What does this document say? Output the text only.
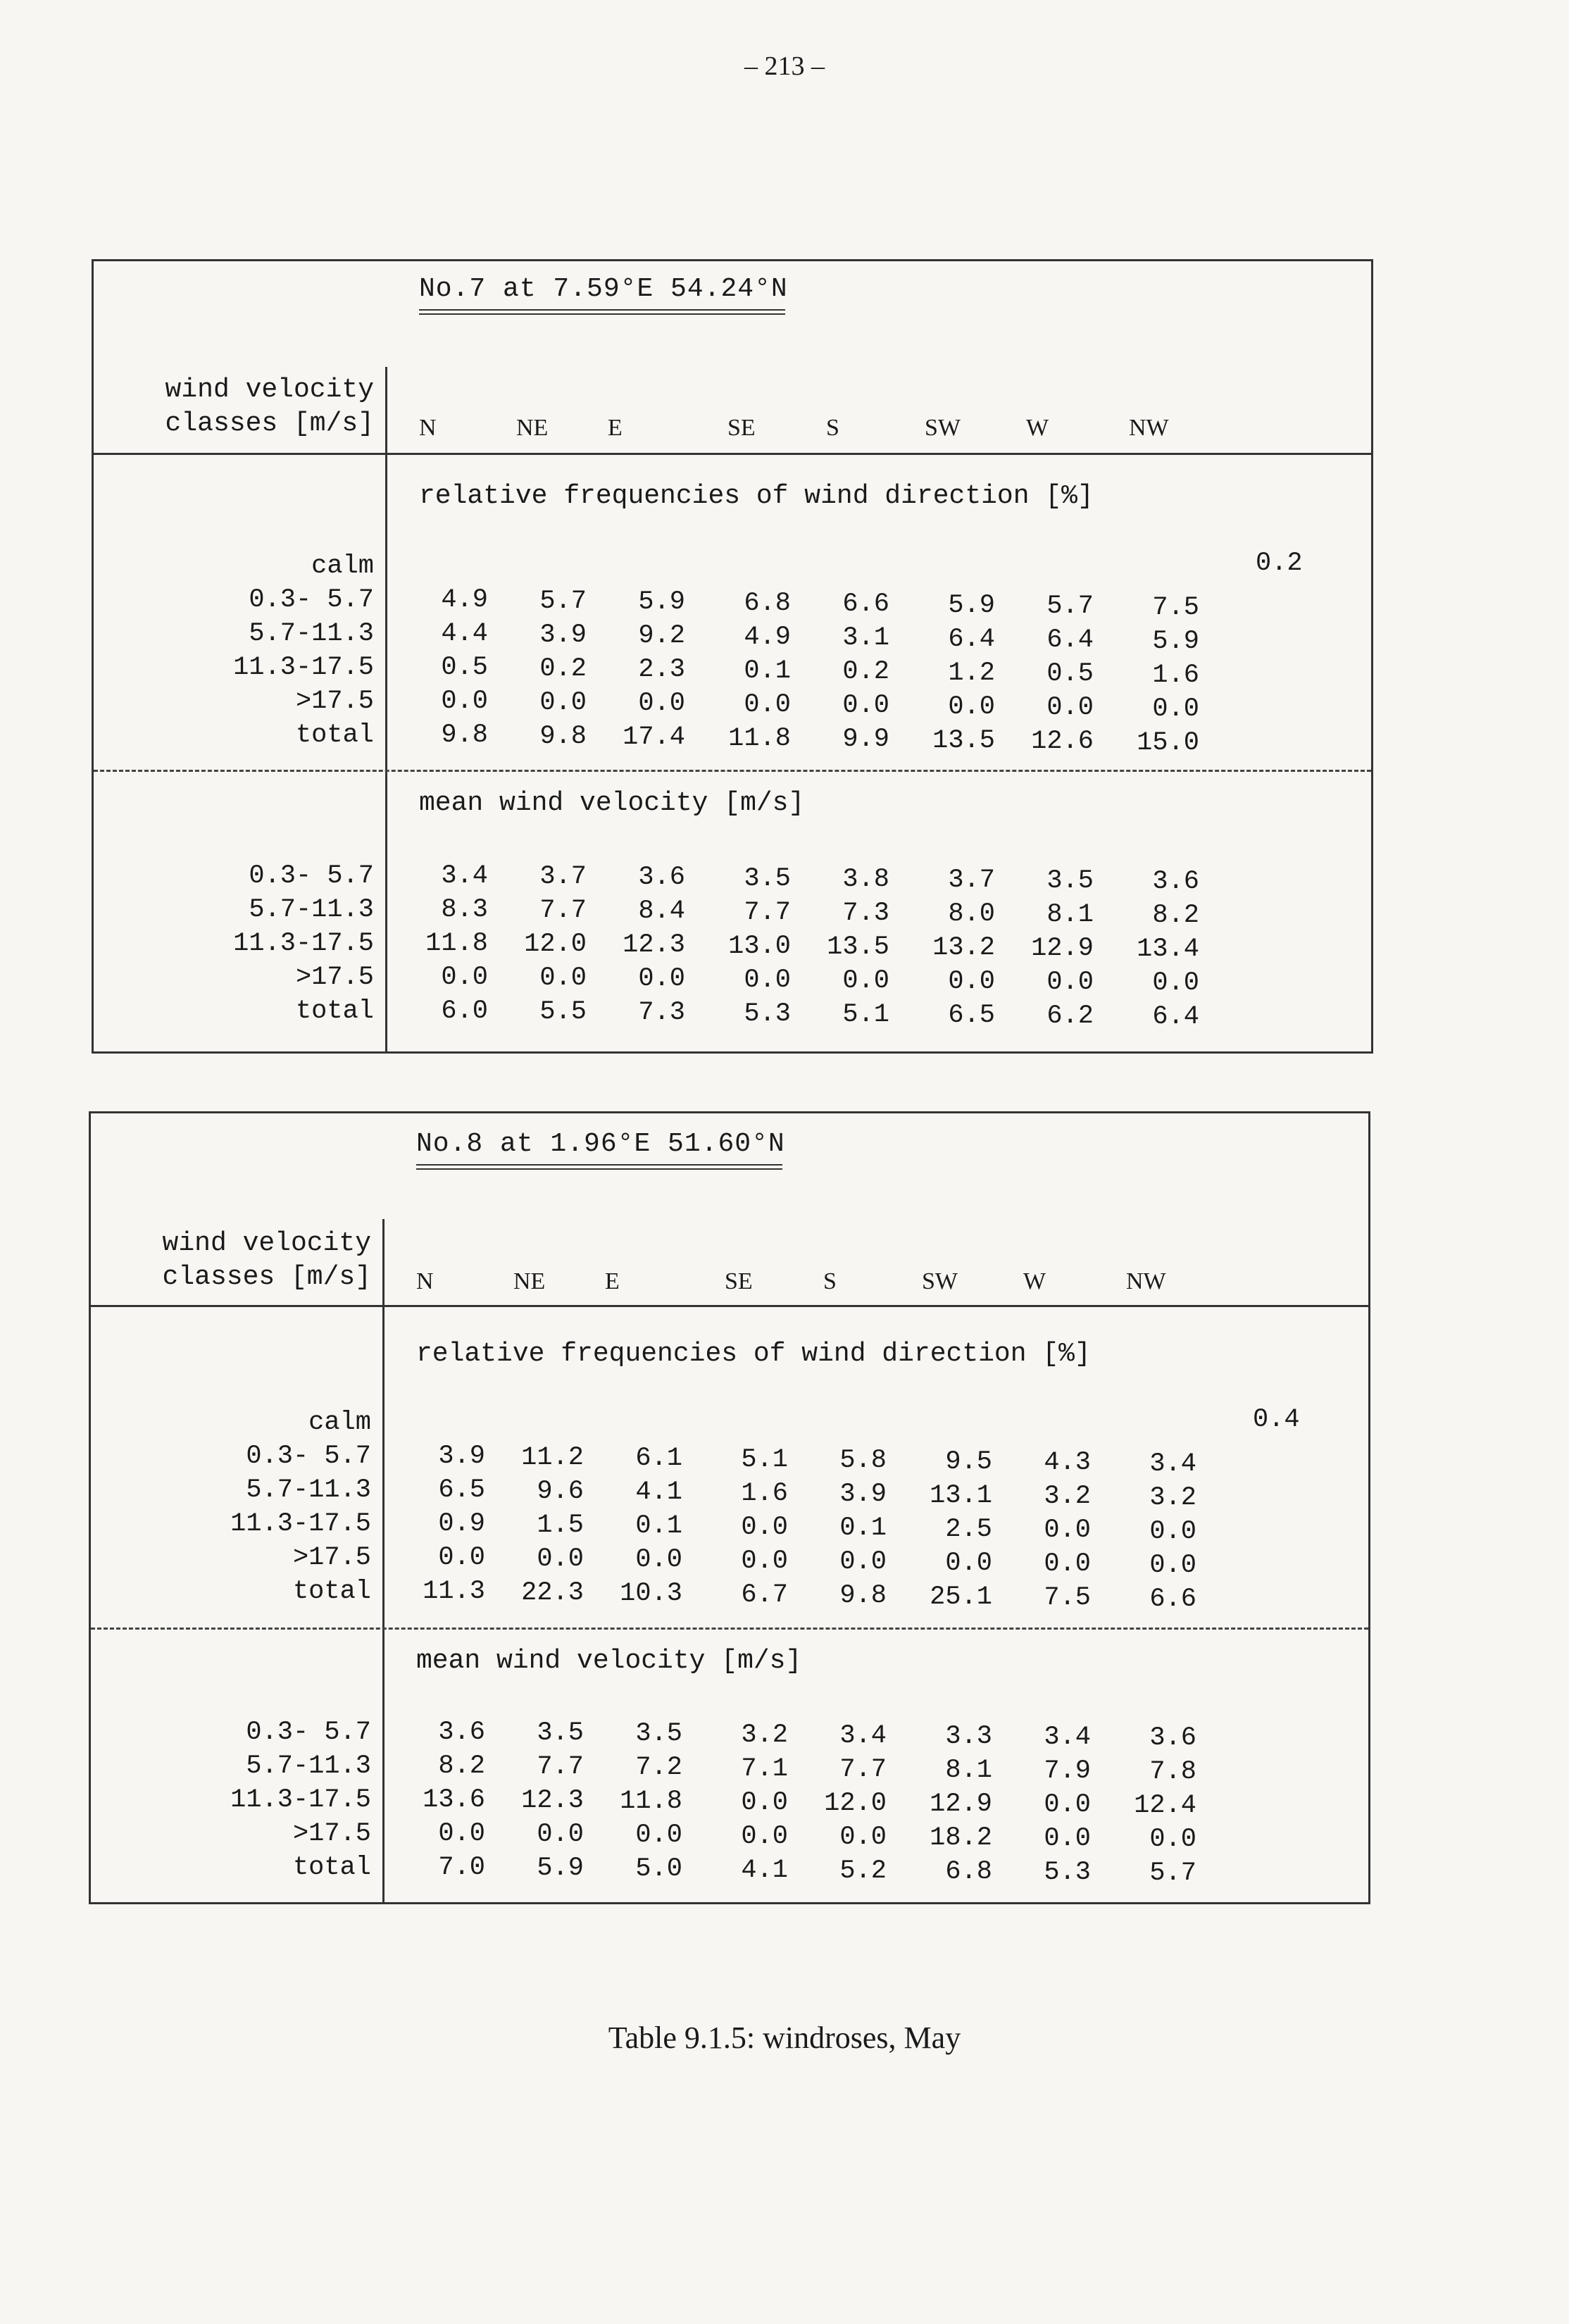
– 213 –
No.7 at 7.59°E 54.24°N
wind velocity
classes [m/s]
relative frequencies of wind direction [%]
mean wind velocity [m/s]
N	NE E	SE	S	SW	W	NW
calm	0.2
0.3- 5.7	4.9	5.7	5.9	6.8	6.6	5.9	5.7	7.5
5.7-11.3	4.4	3.9	9.2	4.9	3.1	6.4	6.4	5.9
11.3-17.5	0.5	0.2	2.3	0.1	0.2	1.2	0.5	1.6
>17.5	0.0	0.0	0.0	0.0	0.0	0.0	0.0	0.0
total	9.8	9.8	17.4	11.8	9.9	13.5	12.6	15.0
0.3- 5.7	3.4	3.7	3.6	3.5	3.8	3.7	3.5	3.6
5.7-11.3	8.3	7.7	8.4	7.7	7.3	8.0	8.1	8.2
11.3-17.5	11.8	12.0	12.3	13.0	13.5	13.2	12.9	13.4
>17.5	0.0	0.0	0.0	0.0	0.0	0.0	0.0	0.0
total	6.0	5.5	7.3	5.3	5.1	6.5	6.2	6.4
No.8 at 1.96°E 51.60°N
wind velocity
classes [m/s]
relative frequencies of wind direction [%]
mean wind velocity [m/s]
N	NE E	SE	S	SW	W	NW
calm	0.4
0.3- 5.7	3.9	11.2	6.1	5.1	5.8	9.5	4.3	3.4
5.7-11.3	6.5	9.6	4.1	1.6	3.9	13.1	3.2	3.2
11.3-17.5	0.9	1.5	0.1	0.0	0.1	2.5	0.0	0.0
>17.5	0.0	0.0	0.0	0.0	0.0	0.0	0.0	0.0
total	11.3	22.3	10.3	6.7	9.8	25.1	7.5	6.6
0.3- 5.7	3.6	3.5	3.5	3.2	3.4	3.3	3.4	3.6
5.7-11.3	8.2	7.7	7.2	7.1	7.7	8.1	7.9	7.8
11.3-17.5	13.6	12.3	11.8	0.0	12.0	12.9	0.0	12.4
>17.5	0.0	0.0	0.0	0.0	0.0	18.2	0.0	0.0
total	7.0	5.9	5.0	4.1	5.2	6.8	5.3	5.7
Table 9.1.5: windroses, May
